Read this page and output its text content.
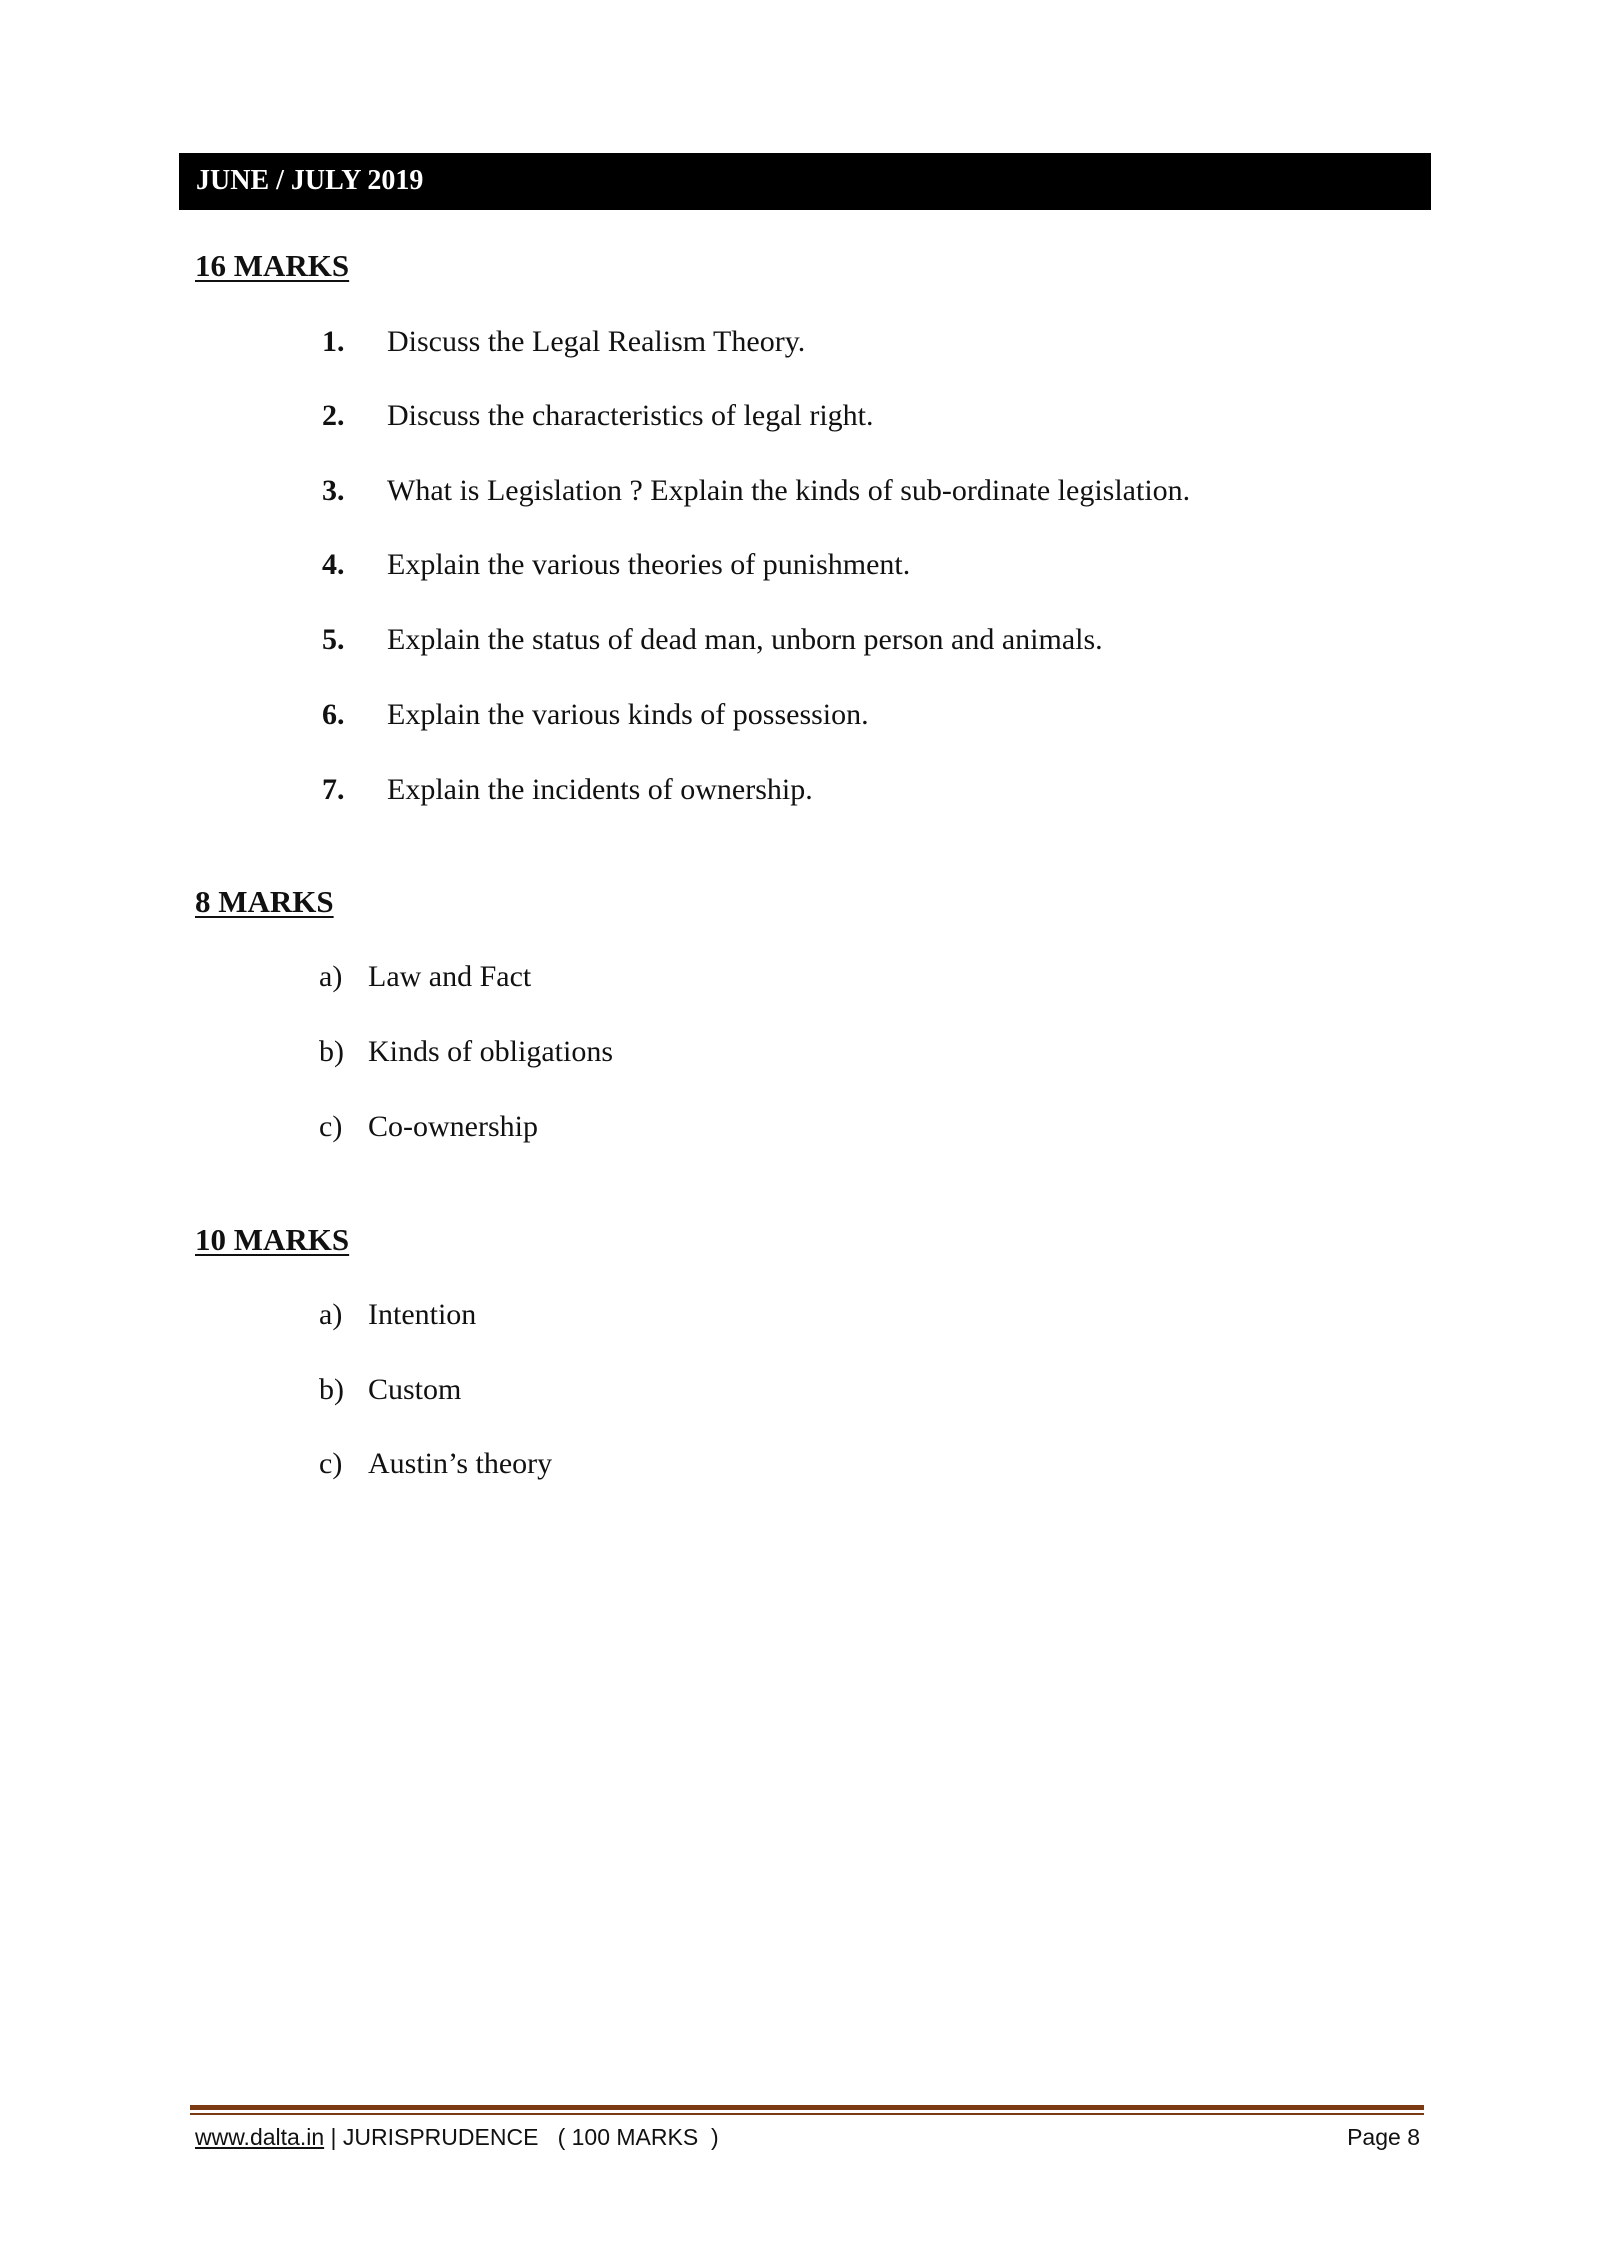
JUNE / JULY 2019
16 MARKS
1. Discuss the Legal Realism Theory.
2. Discuss the characteristics of legal right.
3. What is Legislation ? Explain the kinds of sub-ordinate legislation.
4. Explain the various theories of punishment.
5. Explain the status of dead man, unborn person and animals.
6. Explain the various kinds of possession.
7. Explain the incidents of ownership.
8 MARKS
a) Law and Fact
b) Kinds of obligations
c) Co-ownership
10 MARKS
a) Intention
b) Custom
c) Austin’s theory
www.dalta.in | JURISPRUDENCE   ( 100 MARKS  )	Page 8
